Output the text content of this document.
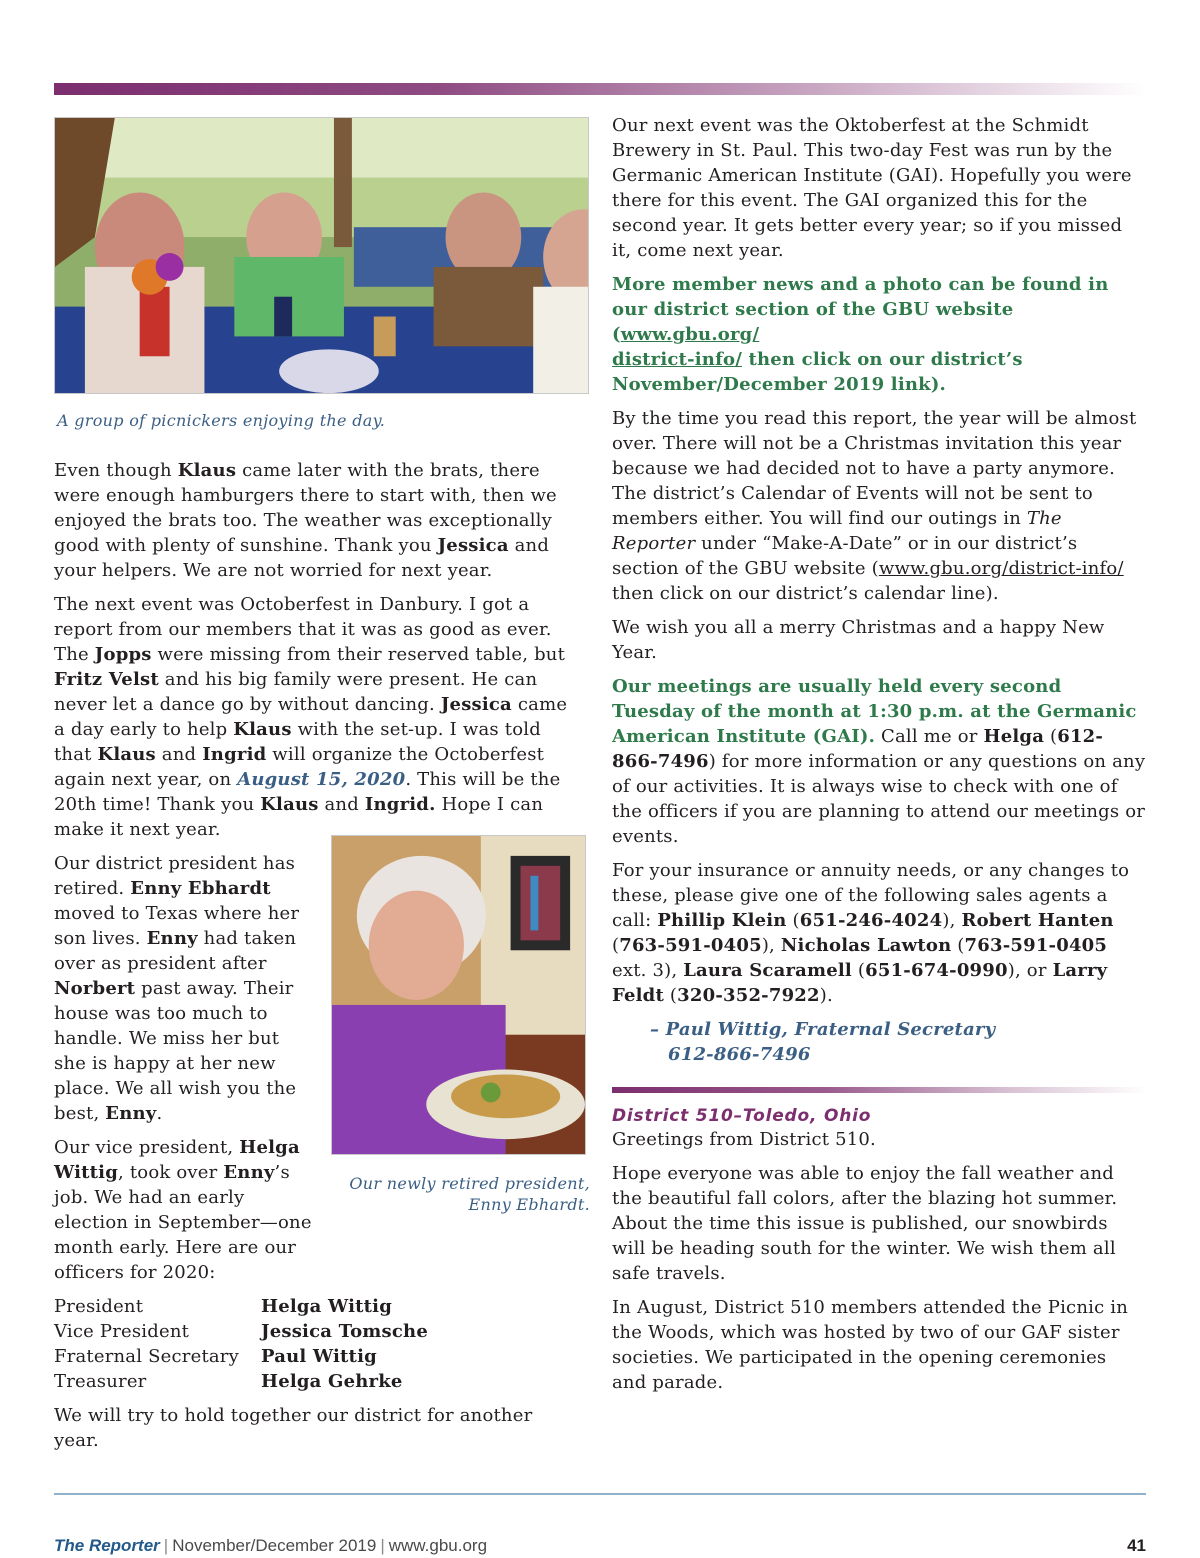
A group of picnickers enjoying the day.

Even though Klaus came later with the brats, there were enough hamburgers there to start with, then we enjoyed the brats too. The weather was exceptionally good with plenty of sunshine. Thank you Jessica and your helpers. We are not worried for next year.

The next event was Octoberfest in Danbury. I got a report from our members that it was as good as ever. The Jopps were missing from their reserved table, but Fritz Velst and his big family were present. He can never let a dance go by without dancing. Jessica came a day early to help Klaus with the set-up. I was told that Klaus and Ingrid will organize the Octoberfest again next year, on August 15, 2020. This will be the 20th time! Thank you Klaus and Ingrid. Hope I can make it next year.

Our district president has retired. Enny Ebhardt moved to Texas where her son lives. Enny had taken over as president after Norbert past away. Their house was too much to handle. We miss her but she is happy at her new place. We all wish you the best, Enny.

Our vice president, Helga Wittig, took over Enny’s job. We had an early election in September—one month early. Here are our officers for 2020:

President	Helga Wittig
Vice President	Jessica Tomsche
Fraternal Secretary	Paul Wittig
Treasurer	Helga Gehrke

We will try to hold together our district for another year.

Our newly retired president,
Enny Ebhardt.

Our next event was the Oktoberfest at the Schmidt Brewery in St. Paul. This two-day Fest was run by the Germanic American Institute (GAI). Hopefully you were there for this event. The GAI organized this for the second year. It gets better every year; so if you missed it, come next year.

More member news and a photo can be found in our district section of the GBU website (www.gbu.org/
district-info/ then click on our district’s November/December 2019 link).

By the time you read this report, the year will be almost over. There will not be a Christmas invitation this year because we had decided not to have a party anymore. The district’s Calendar of Events will not be sent to members either. You will find our outings in The Reporter under “Make-A-Date” or in our district’s section of the GBU website (www.gbu.org/district-info/ then click on our district’s calendar line).

We wish you all a merry Christmas and a happy New Year.

Our meetings are usually held every second Tuesday of the month at 1:30 p.m. at the Germanic American Institute (GAI). Call me or Helga (612-866-7496) for more information or any questions on any of our activities. It is always wise to check with one of the officers if you are planning to attend our meetings or events.

For your insurance or annuity needs, or any changes to these, please give one of the following sales agents a call: Phillip Klein (651-246-4024), Robert Hanten (763-591-0405), Nicholas Lawton (763-591-0405 ext. 3), Laura Scaramell (651-674-0990), or Larry Feldt (320-352-7922).

– Paul Wittig, Fraternal Secretary
612-866-7496
District 510–Toledo, Ohio

Greetings from District 510.

Hope everyone was able to enjoy the fall weather and the beautiful fall colors, after the blazing hot summer. About the time this issue is published, our snowbirds will be heading south for the winter. We wish them all safe travels.

In August, District 510 members attended the Picnic in the Woods, which was hosted by two of our GAF sister societies. We participated in the opening ceremonies and parade.

The Reporter | November/December 2019 | www.gbu.org	41
